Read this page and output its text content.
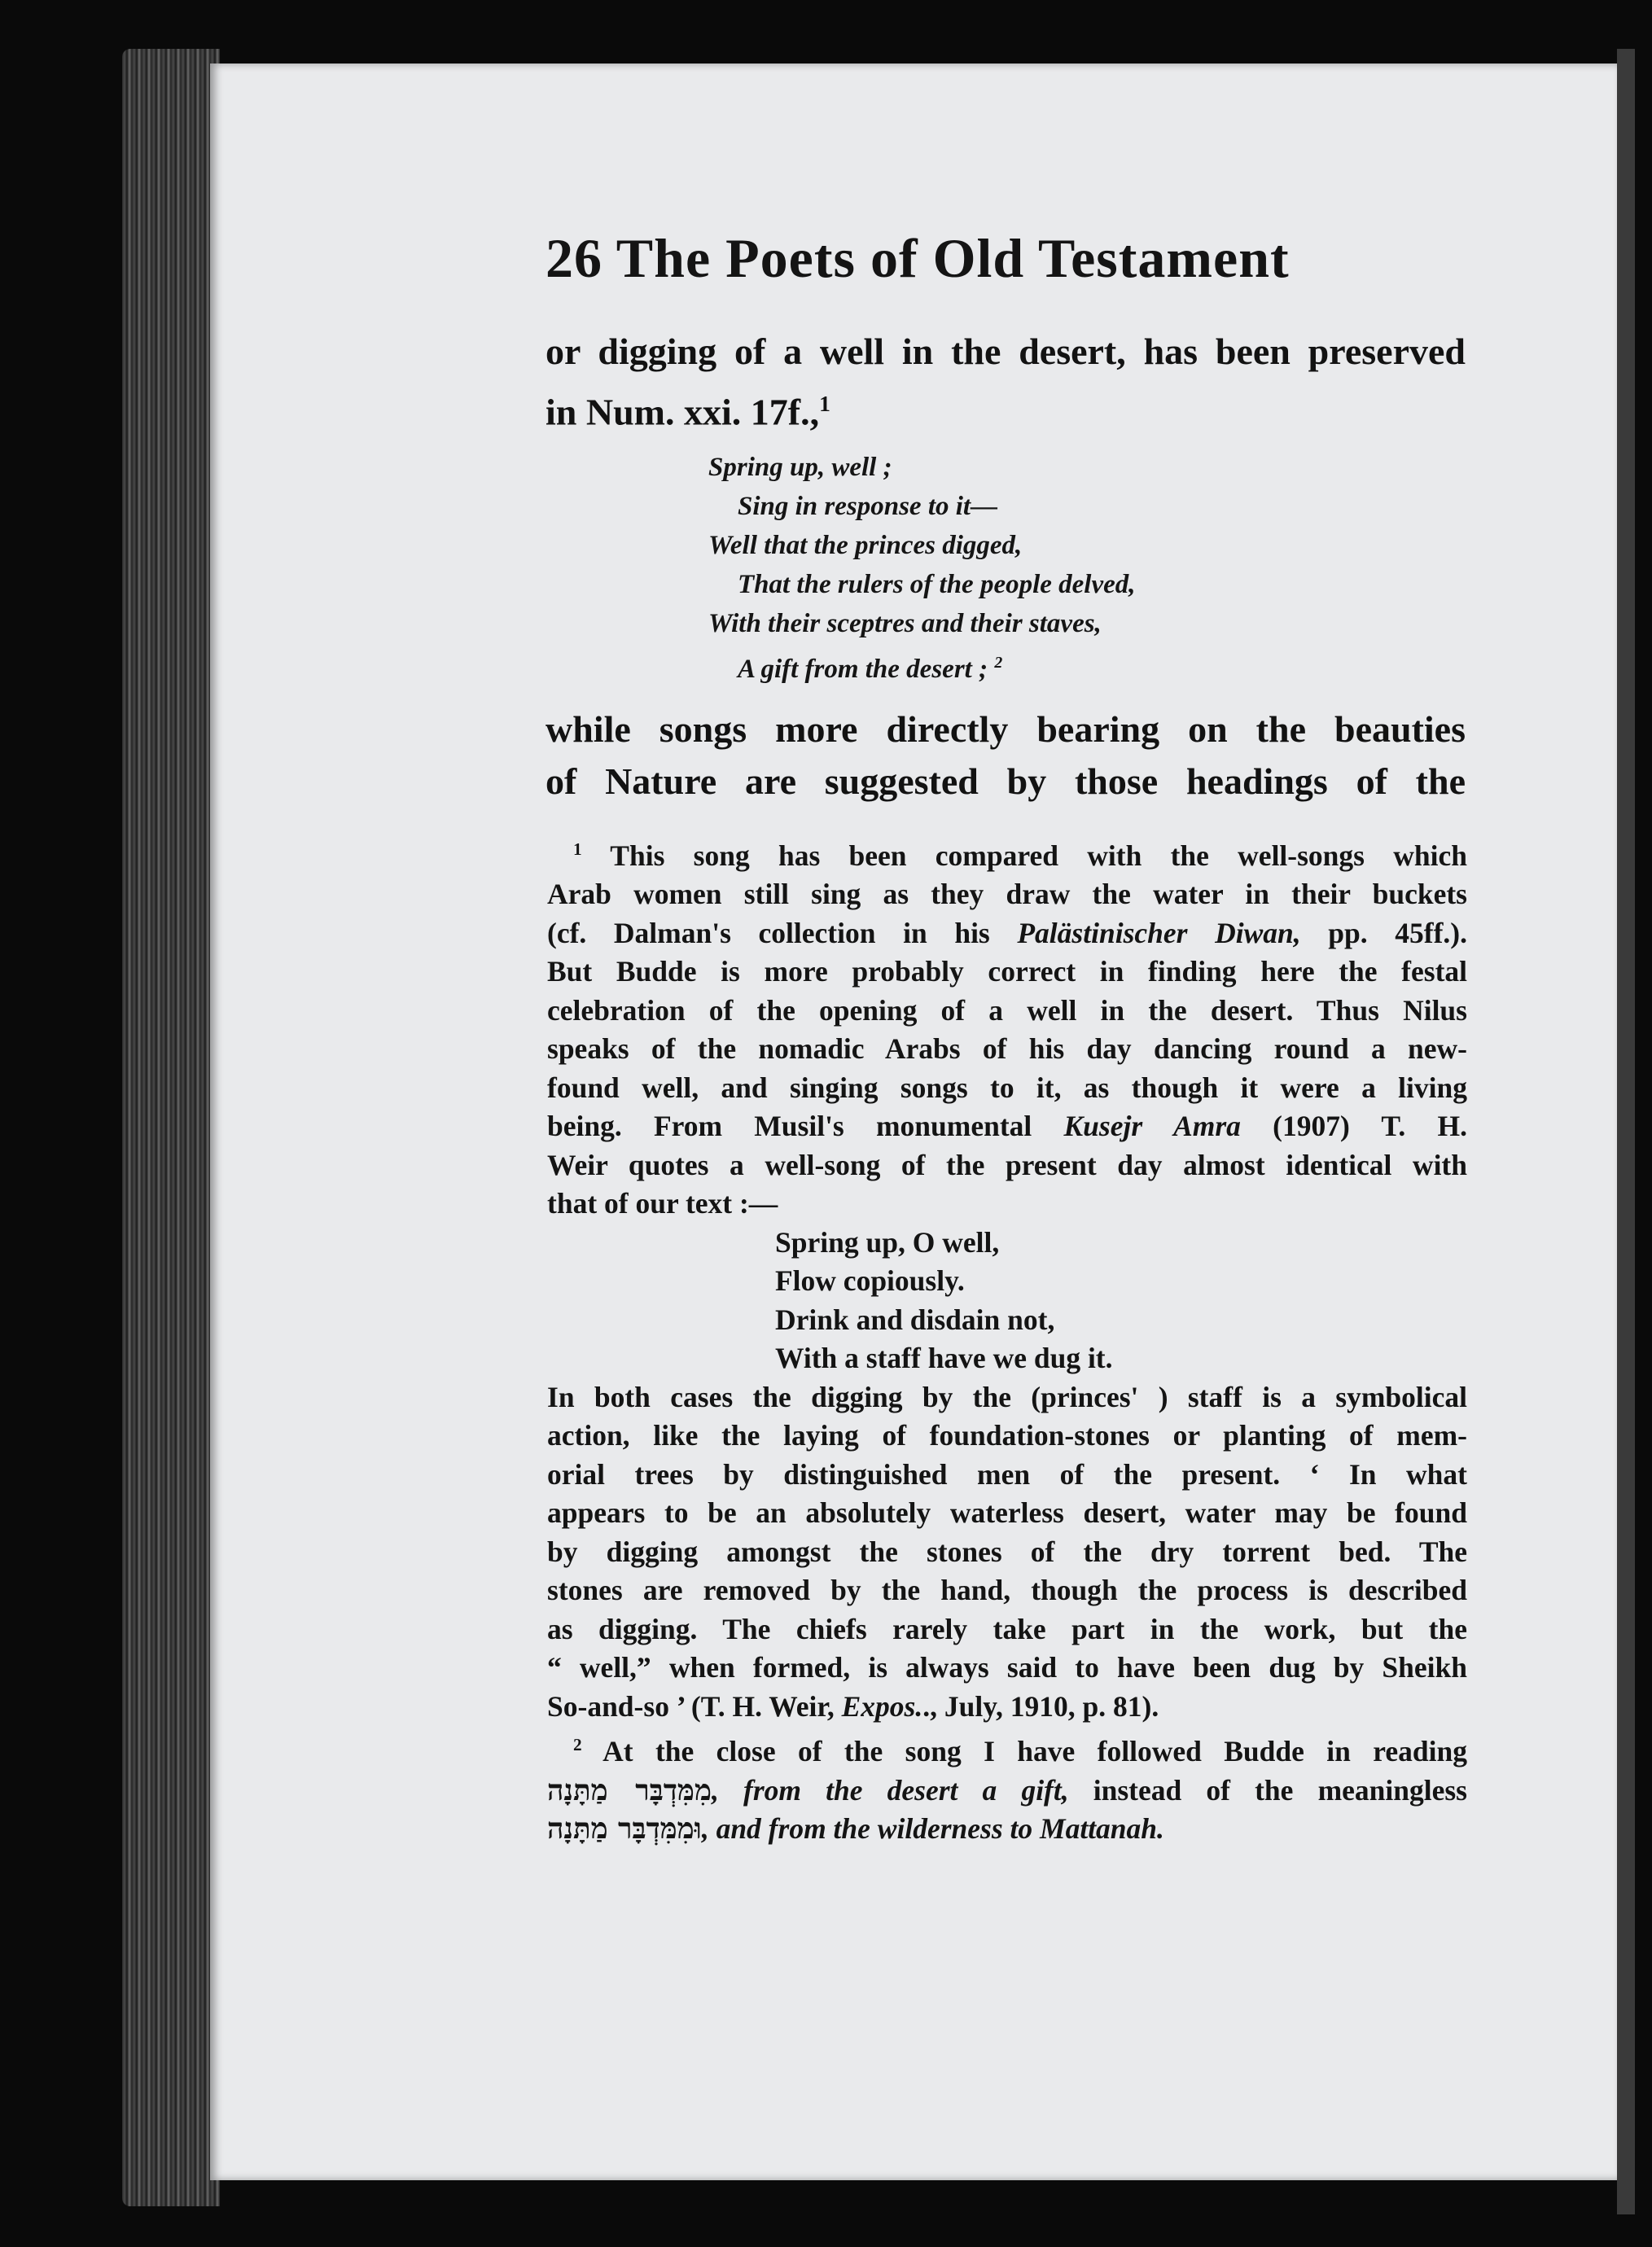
26 The Poets of Old Testament
or digging of a well in the desert, has been preserved
in Num. xxi. 17f.,$^1$
Spring up, well ;
Sing in response to it—
Well that the princes digged,
That the rulers of the people delved,
With their sceptres and their staves,
A gift from the desert ; $^2$
while songs more directly bearing on the beauties
of Nature are suggested by those headings of the
$^1$ This song has been compared with the well-songs which
Arab women still sing as they draw the water in their buckets
(cf. Dalman's collection in his Palästinischer Diwan, pp. 45ff.).
But Budde is more probably correct in finding here the festal
celebration of the opening of a well in the desert. Thus Nilus
speaks of the nomadic Arabs of his day dancing round a new-
found well, and singing songs to it, as though it were a living
being. From Musil's monumental Kusejr Amra (1907) T. H.
Weir quotes a well-song of the present day almost identical with
that of our text :—
Spring up, O well,
Flow copiously.
Drink and disdain not,
With a staff have we dug it.
In both cases the digging by the (princes' ) staff is a symbolical
action, like the laying of foundation-stones or planting of mem-
orial trees by distinguished men of the present. ‘ In what
appears to be an absolutely waterless desert, water may be found
by digging amongst the stones of the dry torrent bed. The
stones are removed by the hand, though the process is described
as digging. The chiefs rarely take part in the work, but the
“ well,” when formed, is always said to have been dug by Sheikh
So-and-so ’ (T. H. Weir, Expos.., July, 1910, p. 81).
$^2$ At the close of the song I have followed Budde in reading
מִמִּדְבָּר מַתָּנָה, from the desert a gift, instead of the meaningless
וּמִמִּדְבָּר מַתָּנָה, and from the wilderness to Mattanah.
